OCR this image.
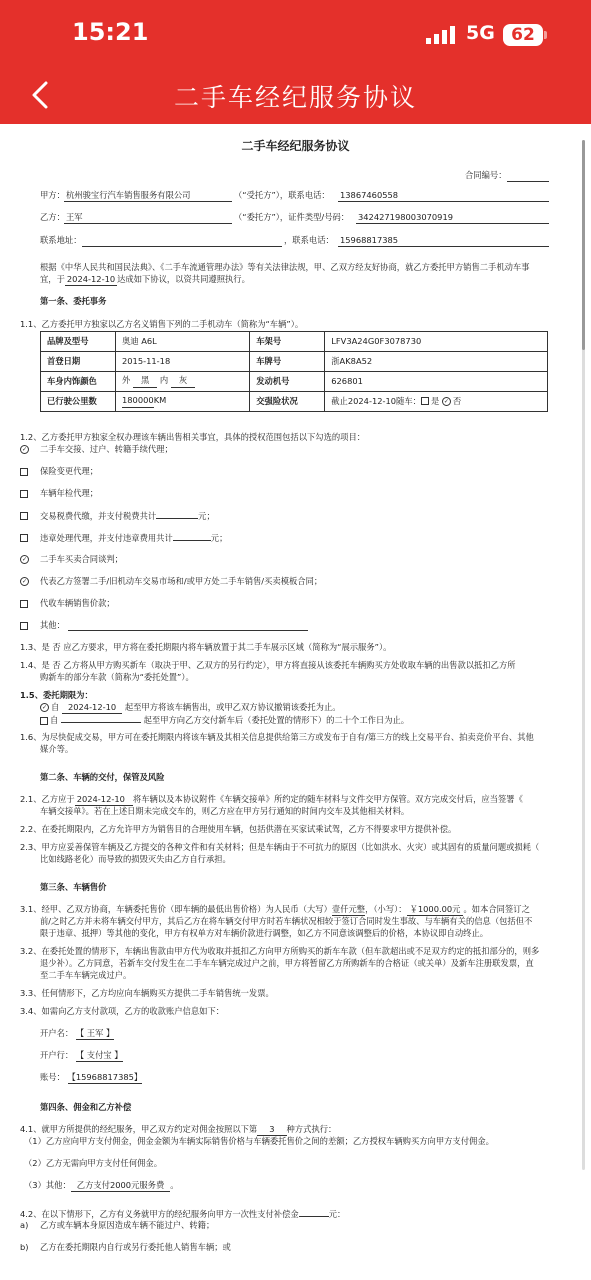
15:21	5G 62
二手车经纪服务协议
二手车经纪服务协议
合同编号：
甲方： 杭州骏宝行汽车销售服务有限公司	（“受托方”），联系电话： 13867460558
乙方： 王军	（“委托方”），证件类型/号码： 342427198003070919
联系地址：	，联系电话： 15968817385
根据《中华人民共和国民法典》、《二手车流通管理办法》等有关法律法规，甲、乙双方经友好协商，就乙方委托甲方销售二手机动车事
宜，于 2024-12-10 达成如下协议，以资共同遵照执行。
第一条、委托事务
1.1、乙方委托甲方独家以乙方名义销售下列的二手机动车（简称为“车辆”）。
品牌及型号	奥迪 A6L	车架号	LFV3A24G0F3078730
首登日期	2015-11-18	车牌号	浙AK8A52
车身内饰颜色	外 黑 内 灰	发动机号	626801
已行驶公里数	180000KM	交强险状况	截止2024-12-10随车： 是 ✓ 否
1.2、乙方委托甲方独家全权办理该车辆出售相关事宜，具体的授权范围包括以下勾选的项目：
✓	二手车交接、过户、转籍手续代理；
保险变更代理；
车辆年检代理；
交易税费代缴，并支付税费共计	元；
违章处理代理，并支付违章费用共计	元；
✓	二手车买卖合同谈判；
✓	代表乙方签署二手/旧机动车交易市场和/或甲方处二手车销售/买卖模板合同；
代收车辆销售价款；
其他：
1.3、是 否 应乙方要求，甲方将在委托期限内将车辆放置于其二手车展示区域（简称为“展示服务”）。
1.4、是 否 乙方将从甲方购买新车（取决于甲、乙双方的另行约定），甲方将直接从该委托车辆购买方处收取车辆的出售款以抵扣乙方所
购新车的部分车款（简称为“委托处置”）。
1.5、委托期限为：
✓ 自 2024-12-10 起至甲方将该车辆售出，或甲乙双方协议撤销该委托为止。
自	起至甲方向乙方交付新车后（委托处置的情形下）的二十个工作日为止。
1.6、为尽快促成交易，甲方可在委托期限内将该车辆及其相关信息提供给第三方或发布于自有/第三方的线上交易平台、拍卖竞价平台、其他
媒介等。
第二条、车辆的交付，保管及风险
2.1、乙方应于 2024-12-10 将车辆以及本协议附件《车辆交接单》所约定的随车材料与文件交甲方保管。双方完成交付后，应当签署《
车辆交接单》。若在上述日期未完成交车的，则乙方应在甲方另行通知的时间内交车及其他相关材料。
2.2、在委托期限内，乙方允许甲方为销售目的合理使用车辆，包括供潜在买家试乘试驾，乙方不得要求甲方提供补偿。
2.3、甲方应妥善保管车辆及乙方提交的各种文件和有关材料；但是车辆由于不可抗力的原因（比如洪水、火灾）或其固有的质量问题或损耗（
比如线路老化）而导致的损毁灭失由乙方自行承担。
第三条、车辆售价
3.1、经甲、乙双方协商，车辆委托售价（即车辆的最低出售价格）为人民币（大写）壹仟元整，（小写）： ￥1000.00元 。如本合同签订之
前/之时乙方并未将车辆交付甲方，其后乙方在将车辆交付甲方时若车辆状况相较于签订合同时发生事故、与车辆有关的信息（包括但不
限于违章、抵押）等其他的变化，甲方有权单方对车辆价款进行调整，如乙方不同意该调整后的价格，本协议即自动终止。
3.2、在委托处置的情形下，车辆出售款由甲方代为收取并抵扣乙方向甲方所购买的新车车款（但车款超出或不足双方约定的抵扣部分的，则多
退少补）。乙方同意，若新车交付发生在二手车车辆完成过户之前，甲方将暂留乙方所购新车的合格证（或关单）及新车注册联发票，直
至二手车车辆完成过户。
3.3、任何情形下，乙方均应向车辆购买方提供二手车销售统一发票。
3.4、如需向乙方支付款项，乙方的收款账户信息如下：
开户名： 【 王军 】
开户行： 【 支付宝 】
账号： 【15968817385】
第四条、佣金和乙方补偿
4.1、就甲方所提供的经纪服务，甲乙双方约定对佣金按照以下第 3 种方式执行：
（1）乙方应向甲方支付佣金，佣金金额为车辆实际销售价格与车辆委托售价之间的差额；乙方授权车辆购买方向甲方支付佣金。
（2）乙方无需向甲方支付任何佣金。
（3）其他： 乙方支付2000元服务费 。
4.2、在以下情形下，乙方有义务就甲方的经纪服务向甲方一次性支付补偿金	元：
a) 乙方或车辆本身原因造成车辆不能过户、转籍；
b) 乙方在委托期限内自行或另行委托他人销售车辆；或
